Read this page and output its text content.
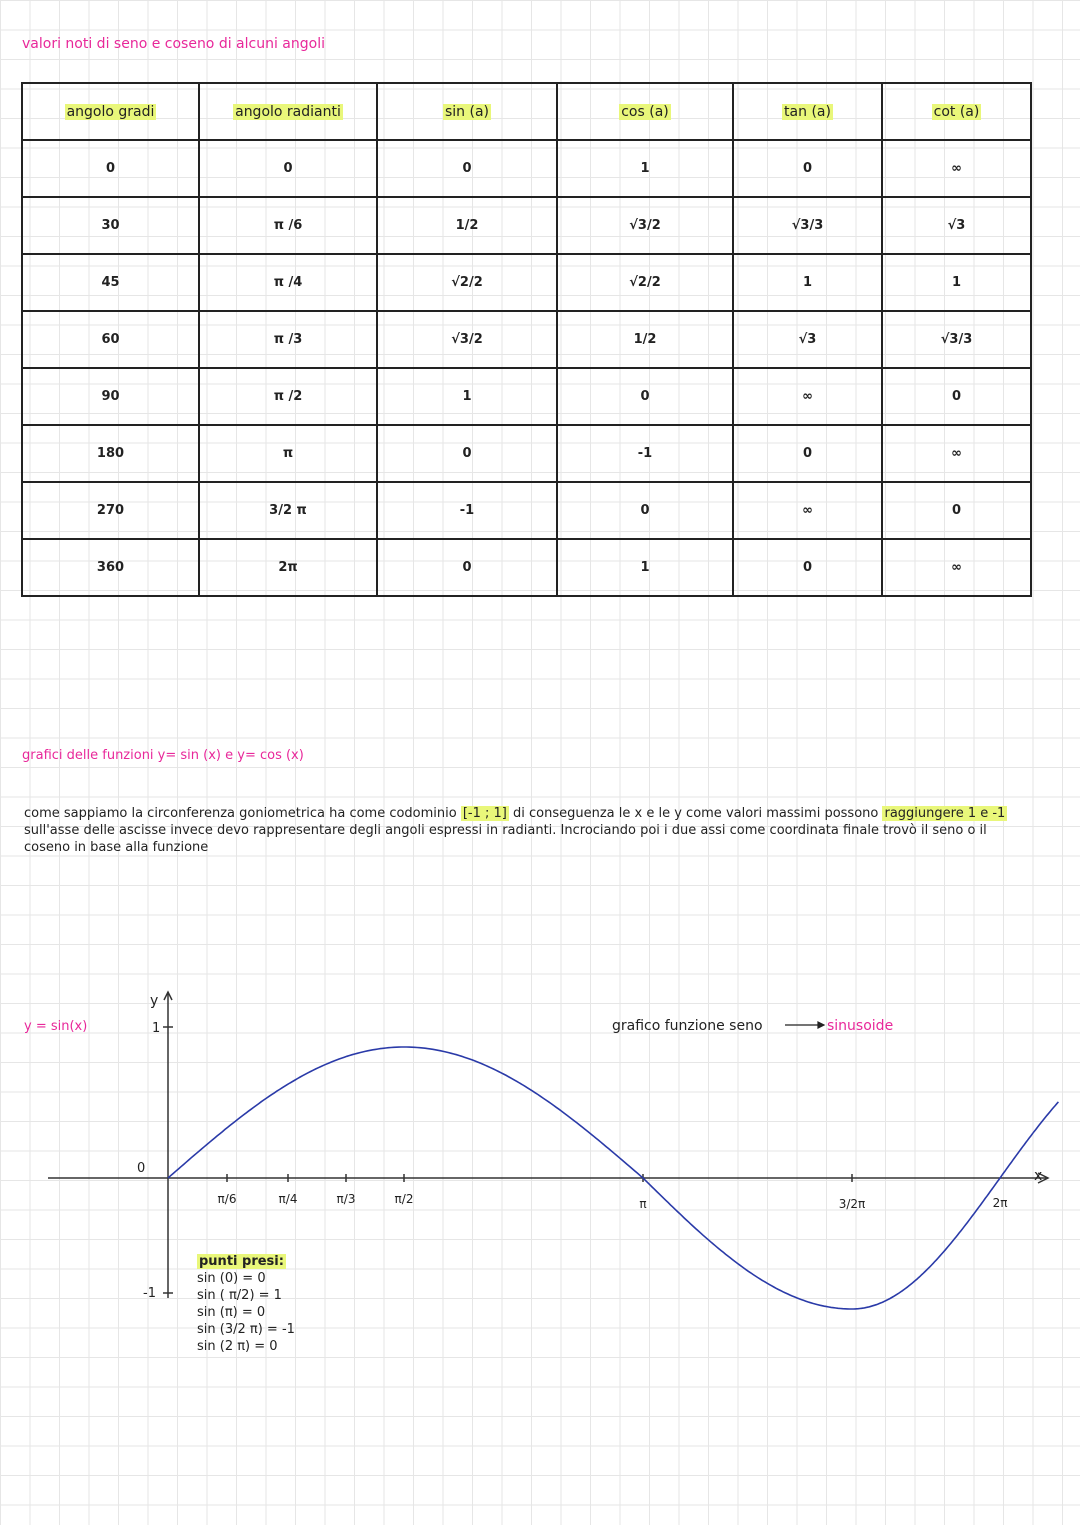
valori noti di seno e coseno di alcuni angoli
angolo gradi	angolo radianti	sin (a)	cos (a)	tan (a)	cot (a)
0	0	0	1	0	∞
30	π /6	1/2	√3/2	√3/3	√3
45	π /4	√2/2	√2/2	1	1
60	π /3	√3/2	1/2	√3	√3/3
90	π /2	1	0	∞	0
180	π	0	-1	0	∞
270	3/2 π	-1	0	∞	0
360	2π	0	1	0	∞
grafici delle funzioni y= sin (x) e y= cos (x)
come sappiamo la circonferenza goniometrica ha come codominio [-1 ; 1] di conseguenza le x e le y come valori massimi possono raggiungere 1 e -1 sull'asse delle ascisse invece devo rappresentare degli angoli espressi in radianti. Incrociando poi i due assi come coordinata finale trovò il seno o il coseno in base alla funzione
y
x
1
0
-1
π/6	π/4	π/3	π/2	π	3/2π	2π
y = sin(x)	grafico funzione seno	sinusoide
punti presi:
sin (0) = 0
sin ( π/2) = 1
sin (π) = 0
sin (3/2 π) = -1
sin (2 π) = 0
